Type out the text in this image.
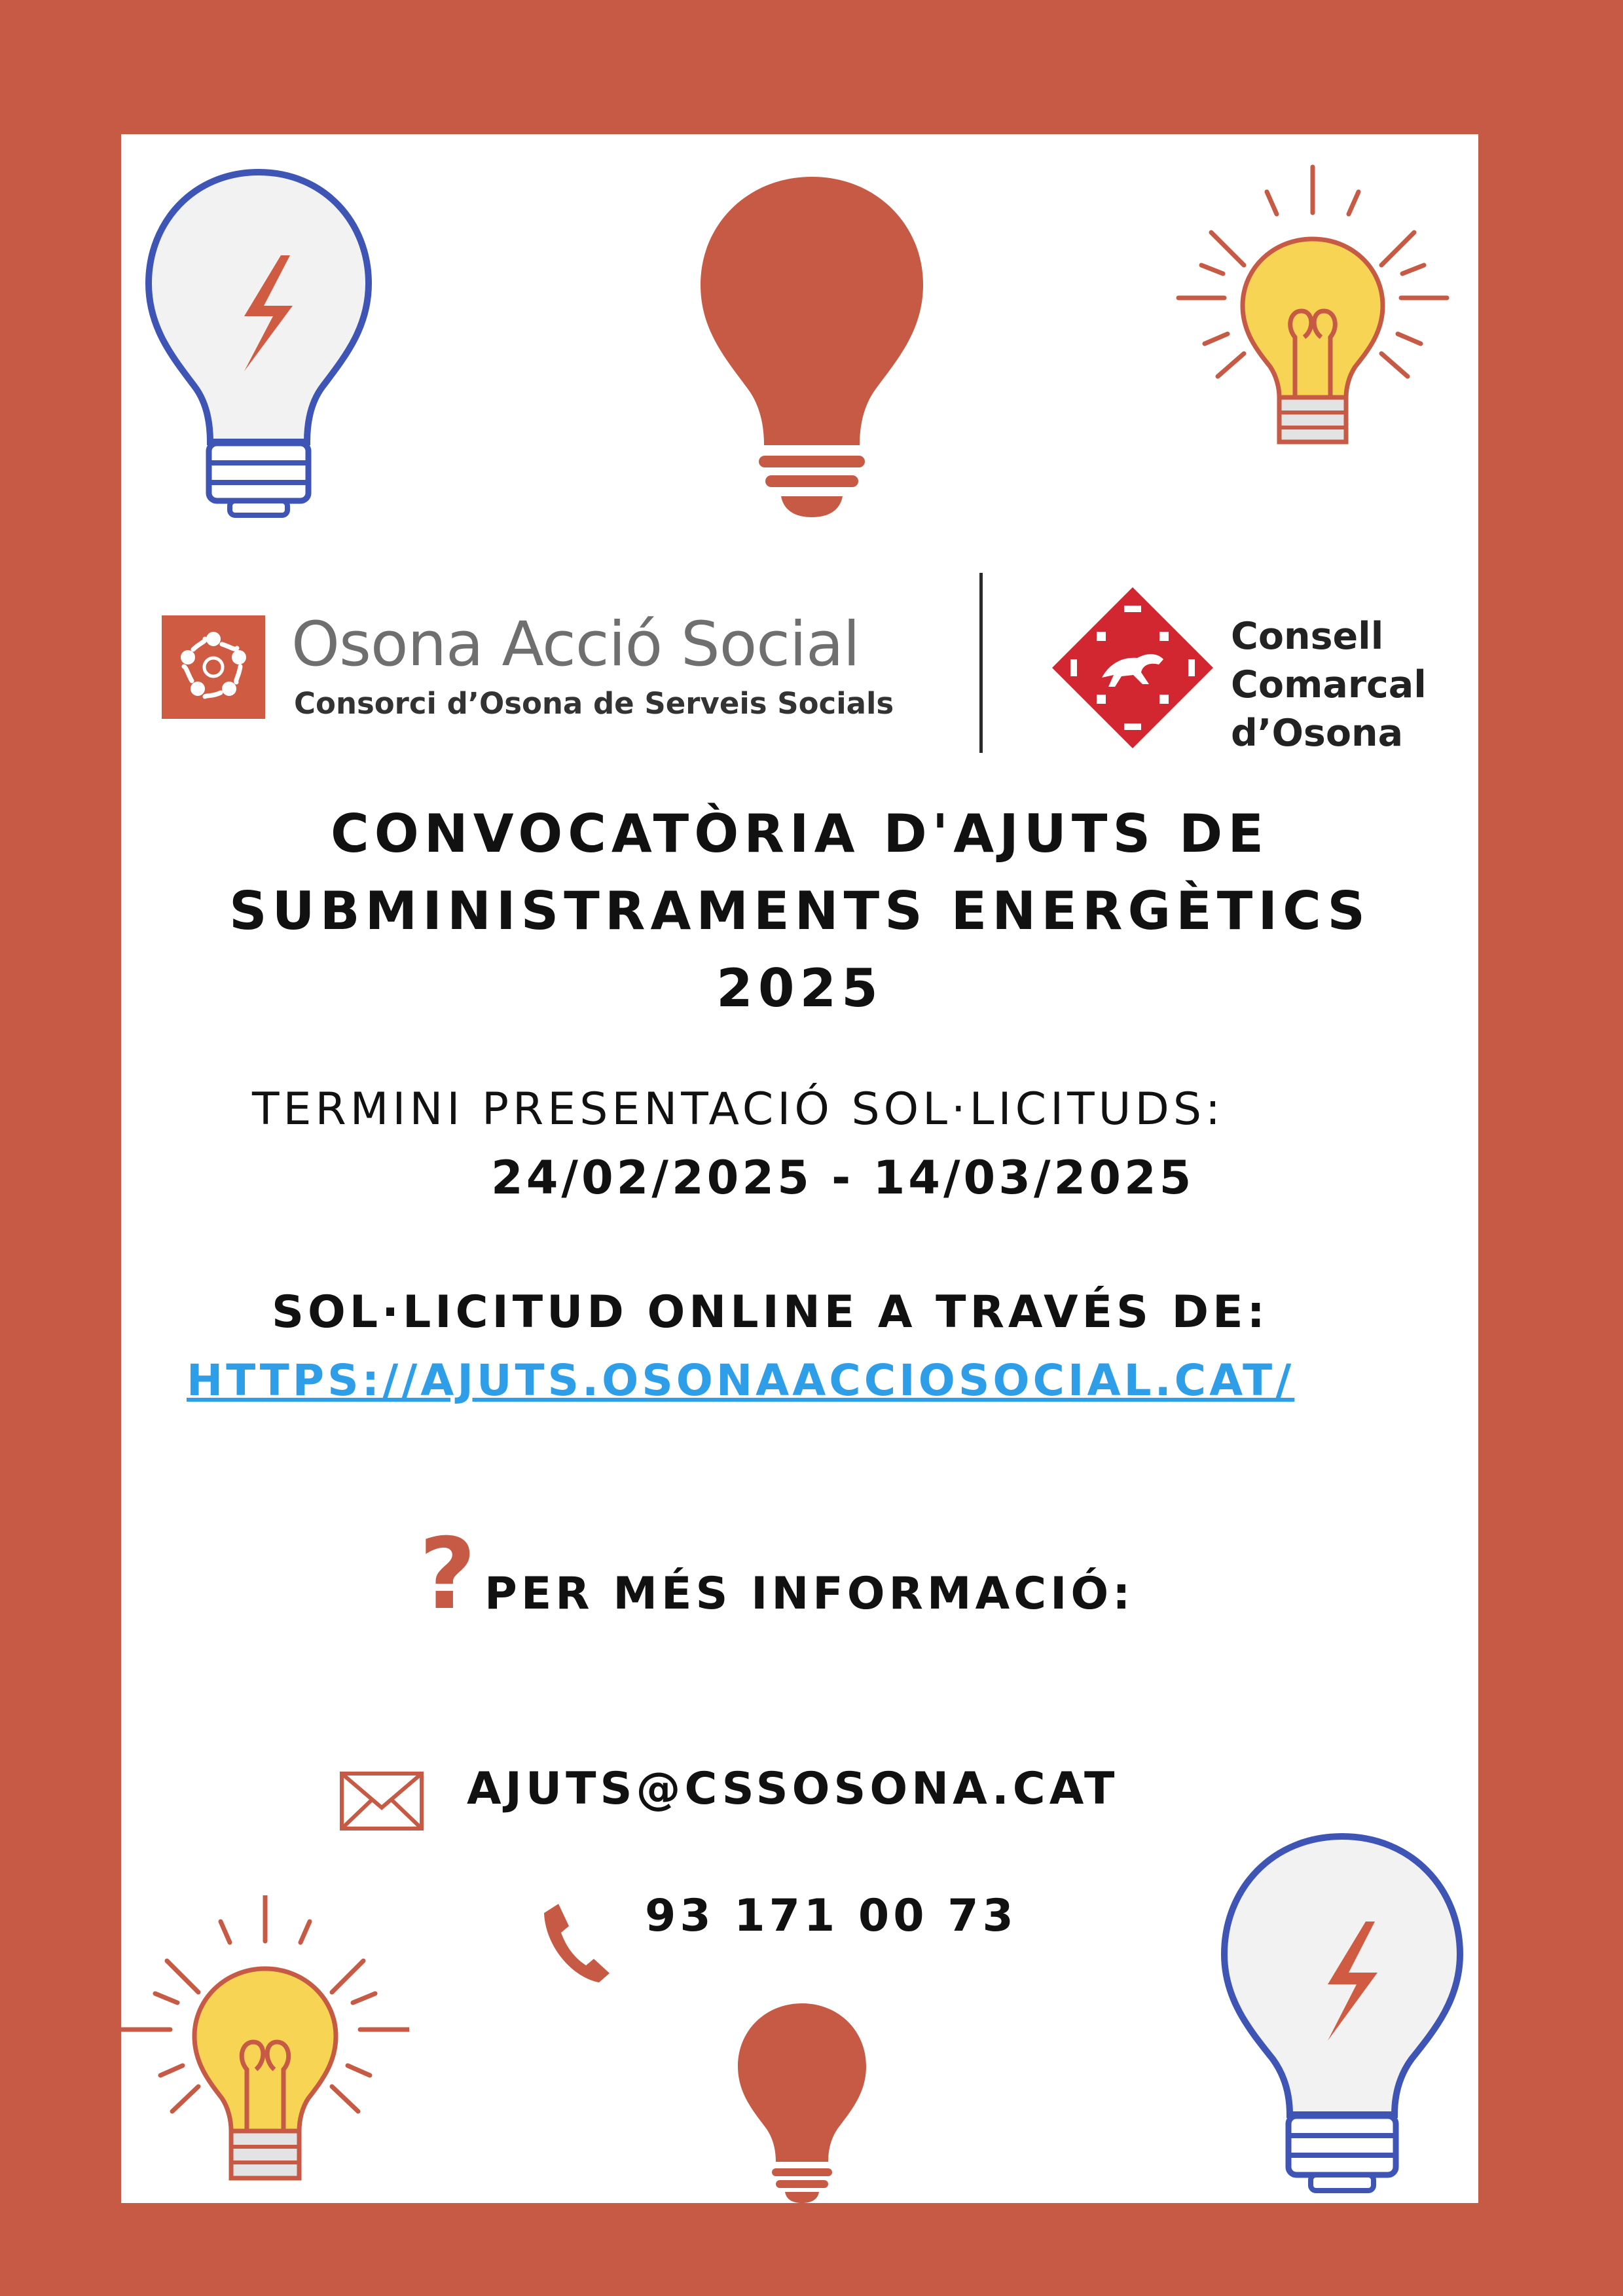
Osona Acció Social
Consorci d’Osona de Serveis Socials
Consell
Comarcal
d’Osona
CONVOCATÒRIA D'AJUTS DE
SUBMINISTRAMENTS ENERGÈTICS
2025
TERMINI PRESENTACIÓ SOL·LICITUDS:
24/02/2025 - 14/03/2025
SOL·LICITUD ONLINE A TRAVÉS DE:
HTTPS://AJUTS.OSONAACCIOSOCIAL.CAT/
? PER MÉS INFORMACIÓ:
AJUTS@CSSOSONA.CAT
93 171 00 73
